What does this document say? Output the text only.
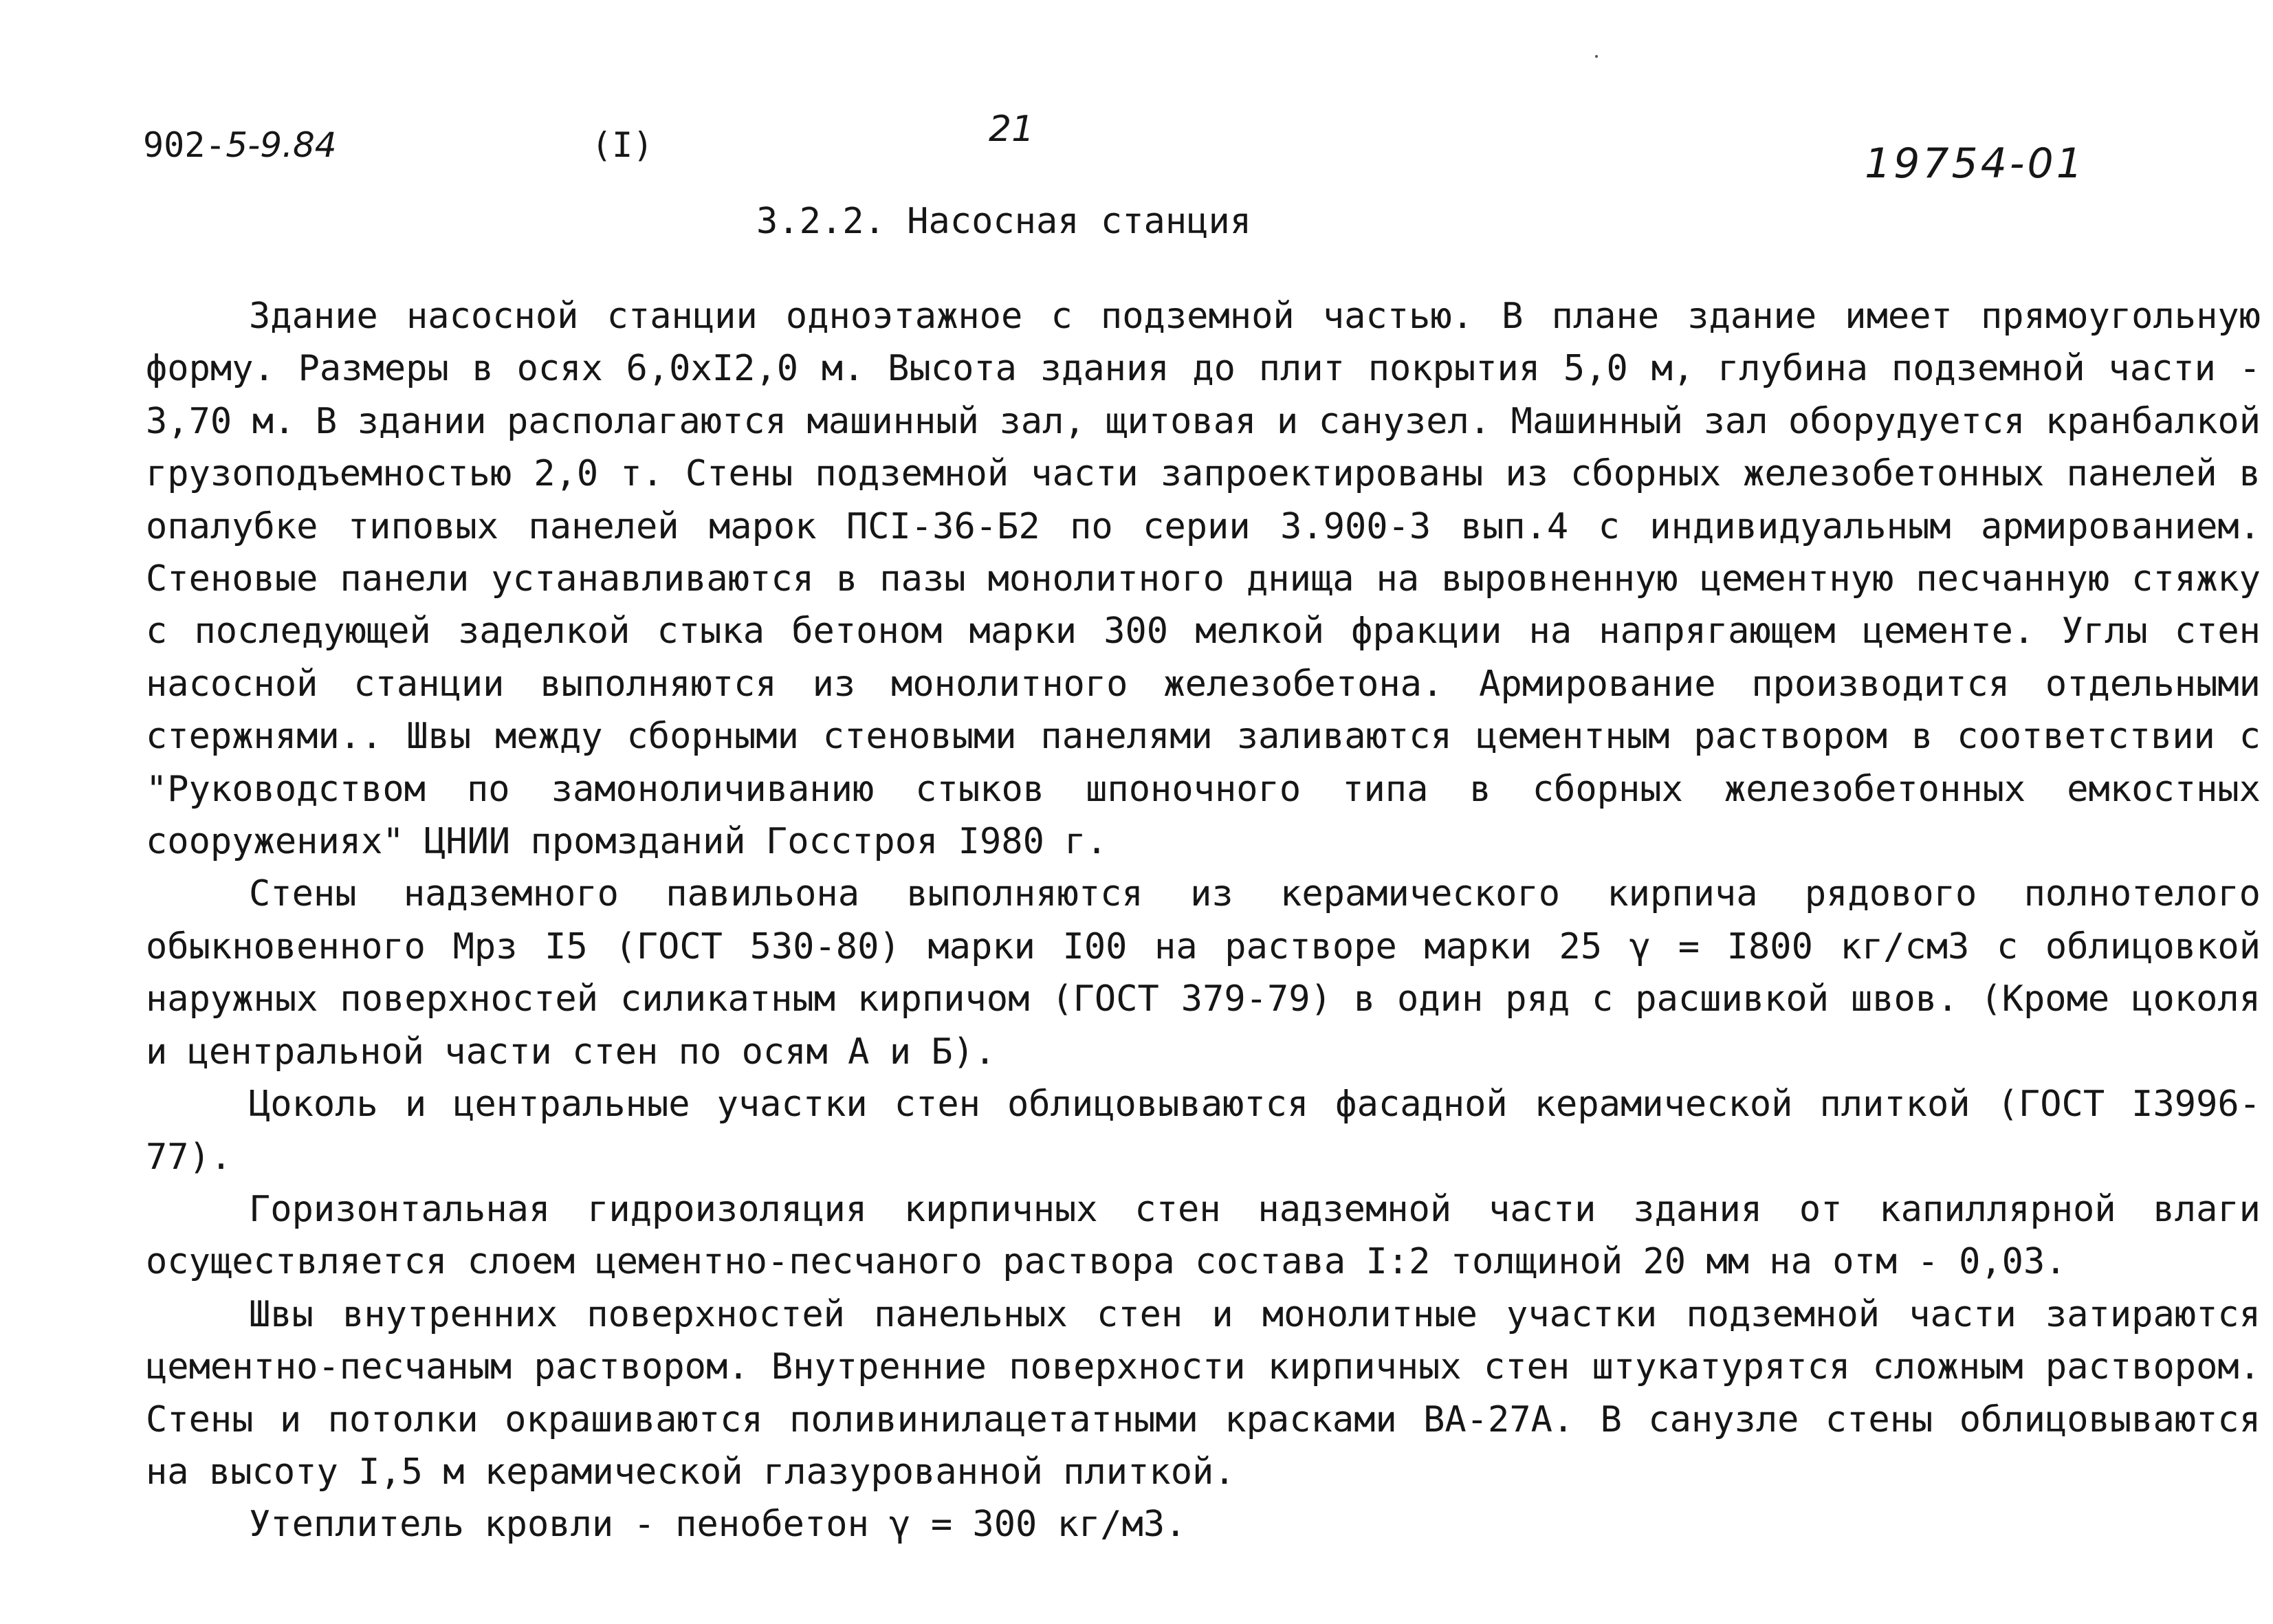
902-5-9.84	(I)	21
19754-01
3.2.2. Насосная станция

Здание насосной станции одноэтажное с подземной частью. В плане здание имеет прямоугольную форму. Размеры в осях 6,0хI2,0 м. Высота здания до плит покрытия 5,0 м, глубина подземной части - 3,70 м. В здании располагаются машинный зал, щитовая и санузел. Машинный зал оборудуется кранбалкой грузоподъемностью 2,0 т. Стены подземной части запроектированы из сборных железобетонных панелей в опалубке типовых панелей марок ПСI-36-Б2 по серии 3.900-3 вып.4 с индивидуальным армированием. Стеновые панели устанавливаются в пазы монолитного днища на выровненную цементную песчанную стяжку с последующей заделкой стыка бетоном марки 300 мелкой фракции на напрягающем цементе. Углы стен насосной станции выполняются из монолитного железобетона. Армирование производится отдельными стержнями.. Швы между сборными стеновыми панелями заливаются цементным раствором в соответствии с "Руководством по замоноличиванию стыков шпоночного типа в сборных железобетонных емкостных сооружениях" ЦНИИ промзданий Госстроя I980 г.

Стены надземного павильона выполняются из керамического кирпича рядового полнотелого обыкновенного Мрз I5 (ГОСТ 530-80) марки I00 на растворе марки 25 γ = I800 кг/см3 с облицовкой наружных поверхностей силикатным кирпичом (ГОСТ 379-79) в один ряд с расшивкой швов. (Кроме цоколя и центральной части стен по осям А и Б).

Цоколь и центральные участки стен облицовываются фасадной керамической плиткой (ГОСТ I3996-77).

Горизонтальная гидроизоляция кирпичных стен надземной части здания от капиллярной влаги осуществляется слоем цементно-песчаного раствора состава I:2 толщиной 20 мм на отм - 0,03.

Швы внутренних поверхностей панельных стен и монолитные участки подземной части затираются цементно-песчаным раствором. Внутренние поверхности кирпичных стен штукатурятся сложным раствором. Стены и потолки окрашиваются поливинилацетатными красками ВА-27А. В санузле стены облицовываются на высоту I,5 м керамической глазурованной плиткой.

Утеплитель кровли - пенобетон γ = 300 кг/м3.
